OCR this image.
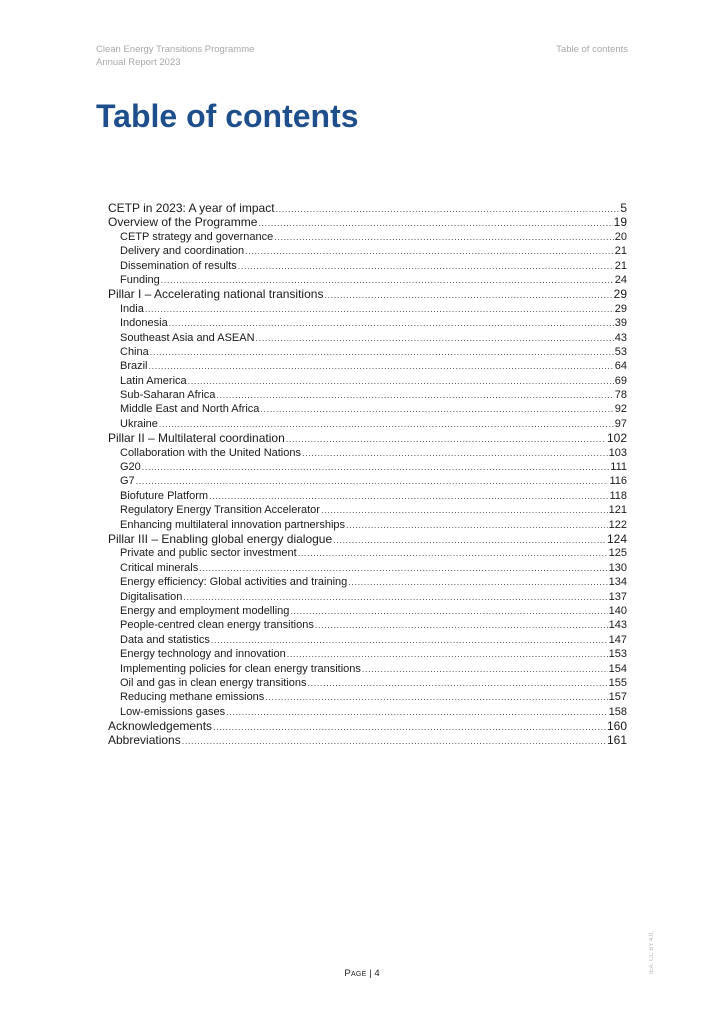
Clean Energy Transitions Programme
Annual Report 2023
Table of contents
Table of contents
CETP in 2023: A year of impact .....	5
Overview of the Programme .....	19
CETP strategy and governance .....	20
Delivery and coordination .....	21
Dissemination of results .....	21
Funding .....	24
Pillar I – Accelerating national transitions .....	29
India .....	29
Indonesia .....	39
Southeast Asia and ASEAN .....	43
China .....	53
Brazil .....	64
Latin America .....	69
Sub-Saharan Africa .....	78
Middle East and North Africa .....	92
Ukraine .....	97
Pillar II – Multilateral coordination .....	102
Collaboration with the United Nations .....	103
G20 .....	111
G7 .....	116
Biofuture Platform .....	118
Regulatory Energy Transition Accelerator .....	121
Enhancing multilateral innovation partnerships .....	122
Pillar III – Enabling global energy dialogue .....	124
Private and public sector investment .....	125
Critical minerals .....	130
Energy efficiency: Global activities and training .....	134
Digitalisation .....	137
Energy and employment modelling .....	140
People-centred clean energy transitions .....	143
Data and statistics .....	147
Energy technology and innovation .....	153
Implementing policies for clean energy transitions .....	154
Oil and gas in clean energy transitions .....	155
Reducing methane emissions .....	157
Low-emissions gases .....	158
Acknowledgements .....	160
Abbreviations .....	161
Page | 4	IEA. CC BY 4.0.
